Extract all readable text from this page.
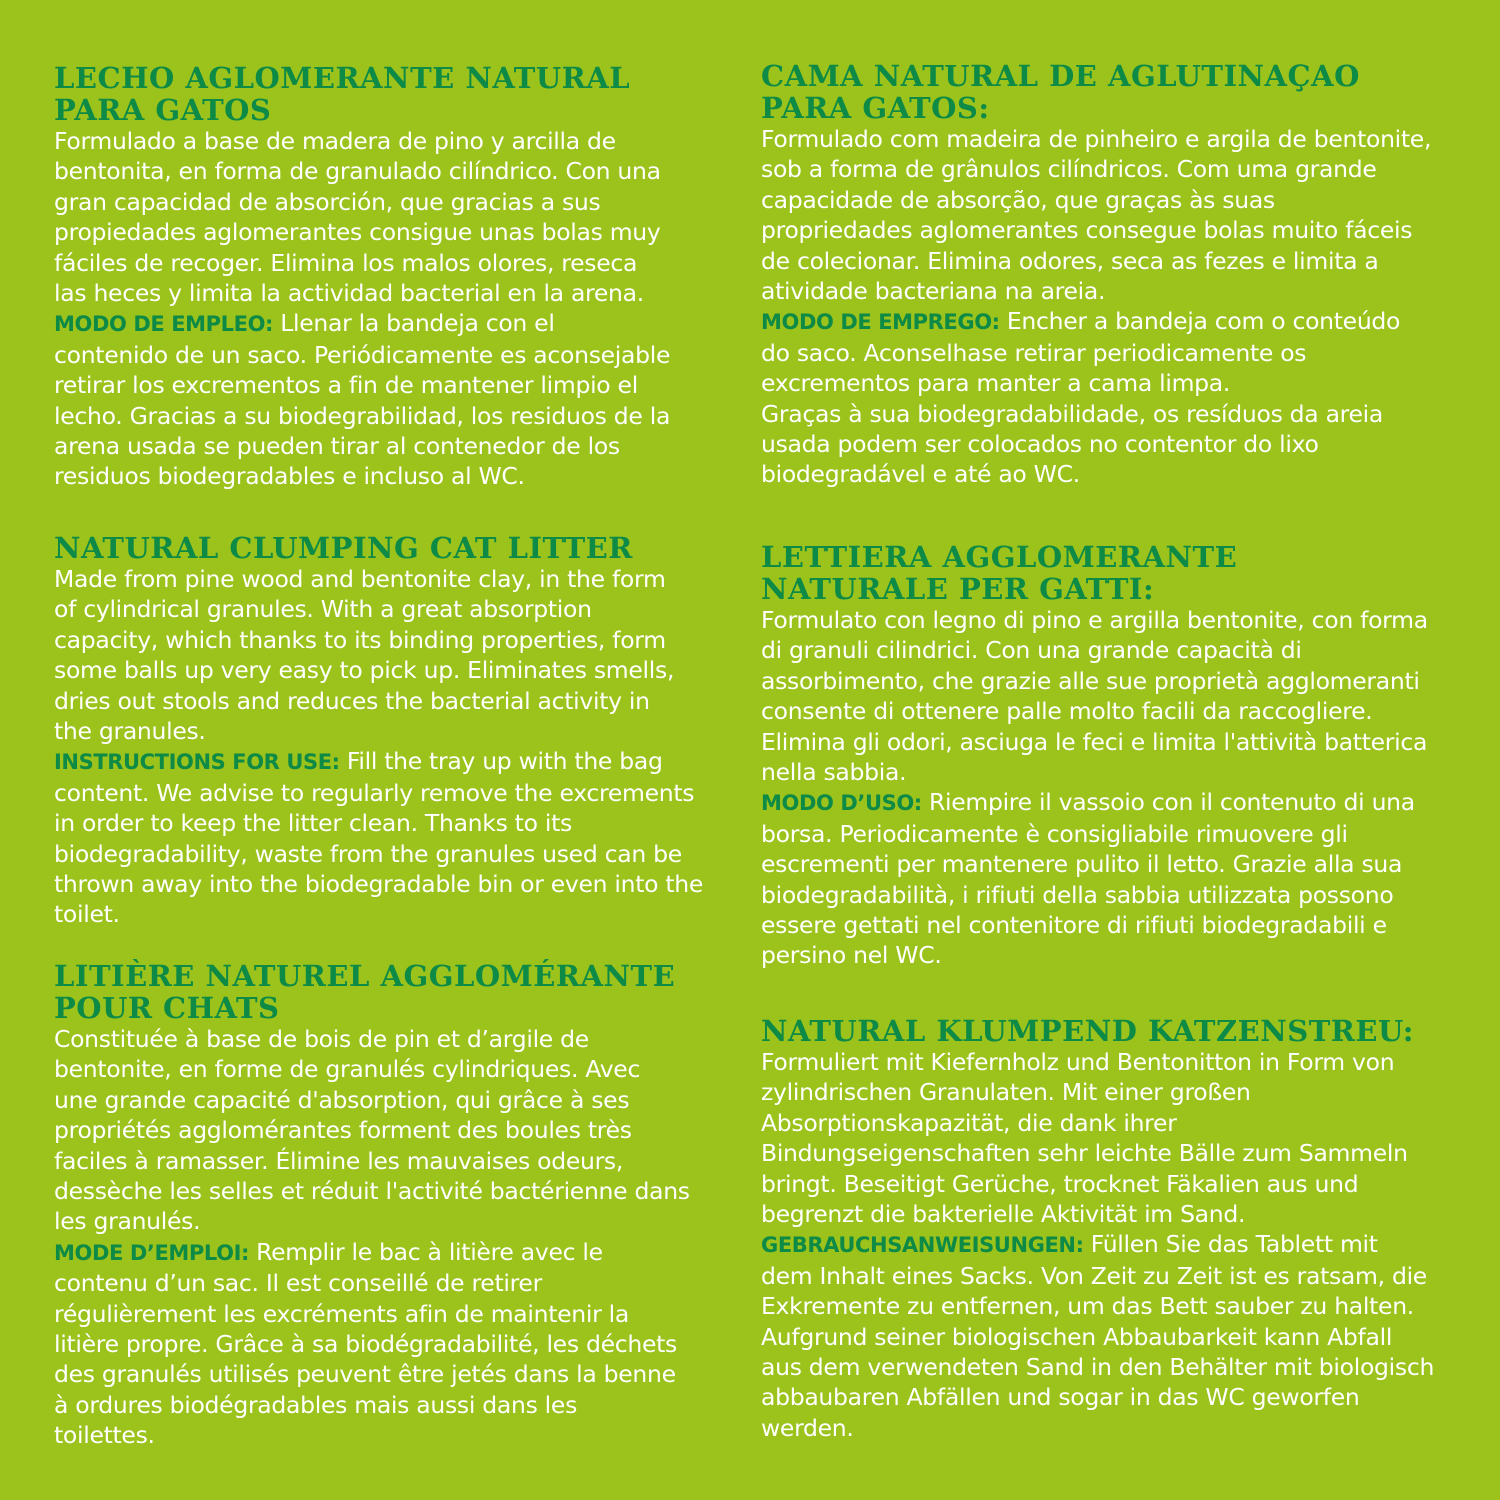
LECHO AGLOMERANTE NATURAL
PARA GATOS
Formulado a base de madera de pino y arcilla de
bentonita, en forma de granulado cilíndrico. Con una
gran capacidad de absorción, que gracias a sus
propiedades aglomerantes consigue unas bolas muy
fáciles de recoger. Elimina los malos olores, reseca
las heces y limita la actividad bacterial en la arena.
MODO DE EMPLEO: Llenar la bandeja con el
contenido de un saco. Periódicamente es aconsejable
retirar los excrementos a fin de mantener limpio el
lecho. Gracias a su biodegrabilidad, los residuos de la
arena usada se pueden tirar al contenedor de los
residuos biodegradables e incluso al WC.
NATURAL CLUMPING CAT LITTER
Made from pine wood and bentonite clay, in the form
of cylindrical granules. With a great absorption
capacity, which thanks to its binding properties, form
some balls up very easy to pick up. Eliminates smells,
dries out stools and reduces the bacterial activity in
the granules.
INSTRUCTIONS FOR USE: Fill the tray up with the bag
content. We advise to regularly remove the excrements
in order to keep the litter clean. Thanks to its
biodegradability, waste from the granules used can be
thrown away into the biodegradable bin or even into the
toilet.
LITIÈRE NATUREL AGGLOMÉRANTE
POUR CHATS
Constituée à base de bois de pin et d’argile de
bentonite, en forme de granulés cylindriques. Avec
une grande capacité d'absorption, qui grâce à ses
propriétés agglomérantes forment des boules très
faciles à ramasser. Élimine les mauvaises odeurs,
dessèche les selles et réduit l'activité bactérienne dans
les granulés.
MODE D’EMPLOI: Remplir le bac à litière avec le
contenu d’un sac. Il est conseillé de retirer
régulièrement les excréments afin de maintenir la
litière propre. Grâce à sa biodégradabilité, les déchets
des granulés utilisés peuvent être jetés dans la benne
à ordures biodégradables mais aussi dans les
toilettes.
CAMA NATURAL DE AGLUTINAÇAO
PARA GATOS:
Formulado com madeira de pinheiro e argila de bentonite,
sob a forma de grânulos cilíndricos. Com uma grande
capacidade de absorção, que graças às suas
propriedades aglomerantes consegue bolas muito fáceis
de colecionar. Elimina odores, seca as fezes e limita a
atividade bacteriana na areia.
MODO DE EMPREGO: Encher a bandeja com o conteúdo
do saco. Aconselhase retirar periodicamente os
excrementos para manter a cama limpa.
Graças à sua biodegradabilidade, os resíduos da areia
usada podem ser colocados no contentor do lixo
biodegradável e até ao WC.
LETTIERA AGGLOMERANTE
NATURALE PER GATTI:
Formulato con legno di pino e argilla bentonite, con forma
di granuli cilindrici. Con una grande capacità di
assorbimento, che grazie alle sue proprietà agglomeranti
consente di ottenere palle molto facili da raccogliere.
Elimina gli odori, asciuga le feci e limita l'attività batterica
nella sabbia.
MODO D’USO: Riempire il vassoio con il contenuto di una
borsa. Periodicamente è consigliabile rimuovere gli
escrementi per mantenere pulito il letto. Grazie alla sua
biodegradabilità, i rifiuti della sabbia utilizzata possono
essere gettati nel contenitore di rifiuti biodegradabili e
persino nel WC.
NATURAL KLUMPEND KATZENSTREU:
Formuliert mit Kiefernholz und Bentonitton in Form von
zylindrischen Granulaten. Mit einer großen
Absorptionskapazität, die dank ihrer
Bindungseigenschaften sehr leichte Bälle zum Sammeln
bringt. Beseitigt Gerüche, trocknet Fäkalien aus und
begrenzt die bakterielle Aktivität im Sand.
GEBRAUCHSANWEISUNGEN: Füllen Sie das Tablett mit
dem Inhalt eines Sacks. Von Zeit zu Zeit ist es ratsam, die
Exkremente zu entfernen, um das Bett sauber zu halten.
Aufgrund seiner biologischen Abbaubarkeit kann Abfall
aus dem verwendeten Sand in den Behälter mit biologisch
abbaubaren Abfällen und sogar in das WC geworfen
werden.
